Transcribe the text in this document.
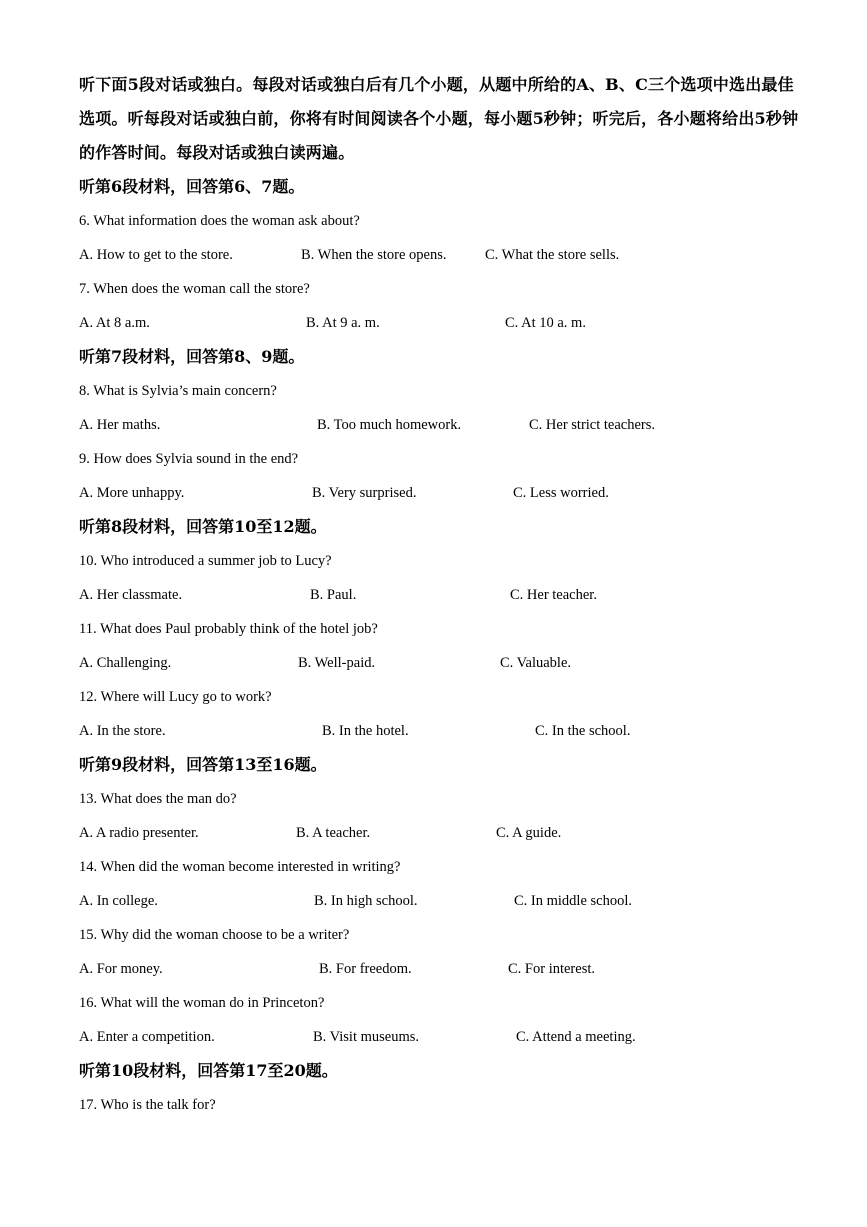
听下面5段对话或独白。每段对话或独白后有几个小题，从题中所给的A、B、C三个选项中选出最佳选项。听每段对话或独白前，你将有时间阅读各个小题，每小题5秒钟；听完后，各小题将给出5秒钟的作答时间。每段对话或独白读两遍。

听第6段材料，回答第6、7题。
6. What information does the woman ask about?
A. How to get to the store.	B. When the store opens.	C. What the store sells.
7. When does the woman call the store?
A. At 8 a.m.	B. At 9 a. m.	C. At 10 a. m.
听第7段材料，回答第8、9题。
8. What is Sylvia’s main concern?
A. Her maths.	B. Too much homework.	C. Her strict teachers.
9. How does Sylvia sound in the end?
A. More unhappy.	B. Very surprised.	C. Less worried.
听第8段材料，回答第10至12题。
10. Who introduced a summer job to Lucy?
A. Her classmate.	B. Paul.	C. Her teacher.
11. What does Paul probably think of the hotel job?
A. Challenging.	B. Well-paid.	C. Valuable.
12. Where will Lucy go to work?
A. In the store.	B. In the hotel.	C. In the school.
听第9段材料，回答第13至16题。
13. What does the man do?
A. A radio presenter.	B. A teacher.	C. A guide.
14. When did the woman become interested in writing?
A. In college.	B. In high school.	C. In middle school.
15. Why did the woman choose to be a writer?
A. For money.	B. For freedom.	C. For interest.
16. What will the woman do in Princeton?
A. Enter a competition.	B. Visit museums.	C. Attend a meeting.
听第10段材料，回答第17至20题。
17. Who is the talk for?
